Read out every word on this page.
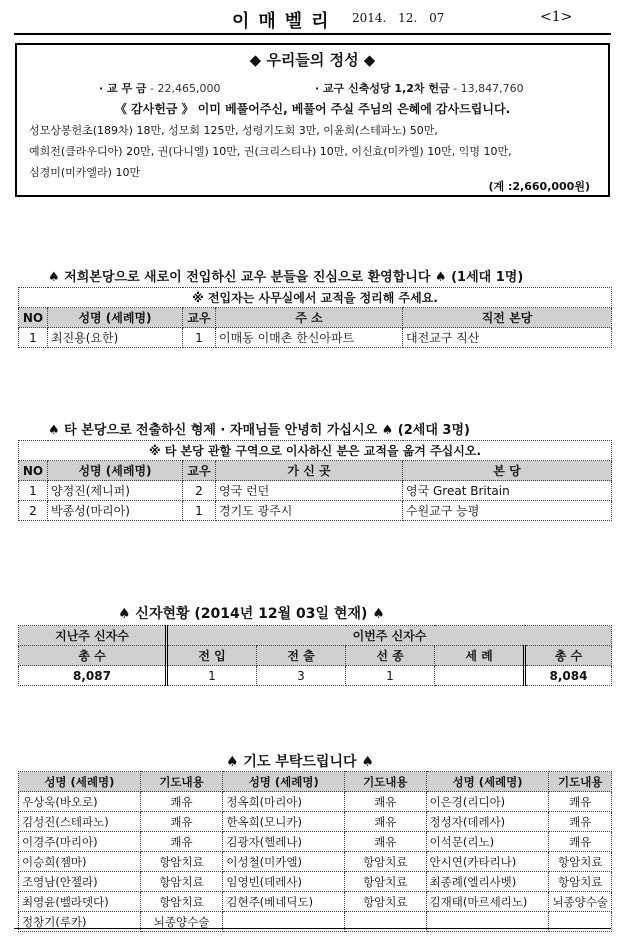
이매벨리 2014. 12. 07	<1>
◆ 우리들의 정성 ◆
· 교 무 금 - 22,465,000	· 교구 신축성당 1,2차 헌금 - 13,847,760
《 감사헌금 》 이미 베풀어주신, 베풀어 주실 주님의 은혜에 감사드립니다.
성모상봉헌초(189차) 18만, 성모회 125만, 성령기도회 3만, 이윤희(스테파노) 50만,
예희전(클라우디아) 20만, 권(다니엘) 10만, 권(크리스티나) 10만, 이신효(미카엘) 10만, 익명 10만,
심경미(미카엘라) 10만
(계 :2,660,000원)
♠ 저희본당으로 새로이 전입하신 교우 분들을 진심으로 환영합니다 ♠ (1세대 1명)
※ 전입자는 사무실에서 교적을 정리해 주세요.				
NO	성명 (세례명)	교우	주 소	직전 본당
1	최진용(요한)	1	이매동 이매촌 한신아파트	대전교구 직산
♠ 타 본당으로 전출하신 형제 · 자매님들 안녕히 가십시오 ♠ (2세대 3명)
※ 타 본당 관할 구역으로 이사하신 분은 교적을 옮겨 주십시오.				
NO	성명 (세례명)	교우	가 신 곳	본 당
1	양정진(제니퍼)	2	영국 런던	영국 Great Britain
2	박종성(마리아)	1	경기도 광주시	수원교구 능평
♠ 신자현황 (2014년 12월 03일 현재) ♠
지난주 신자수	이번주 신자수				
총 수	전 입	전 출	선 종	세 례	총 수
8,087	1	3	1		8,084
♠ 기도 부탁드립니다 ♠
성명 (세례명)	기도내용	성명 (세례명)	기도내용	성명 (세례명)	기도내용
우상욱(바오로)	쾌유	정옥희(마리아)	쾌유	이은경(리디아)	쾌유
김성진(스테파노)	쾌유	한옥희(모니카)	쾌유	정성자(데레사)	쾌유
이경주(마리아)	쾌유	김광자(헬레나)	쾌유	이석문(리노)	쾌유
이승희(젬마)	항암치료	이성철(미카엘)	항암치료	안시연(카타리나)	항암치료
조영남(안젤라)	항암치료	임영빈(데레사)	항암치료	최종례(엘리사벳)	항암치료
최영윤(벨라뎃다)	항암치료	김현주(베네딕도)	항암치료	김재태(마르세리노)	뇌종양수술
정창기(루카)	뇌종양수술				
